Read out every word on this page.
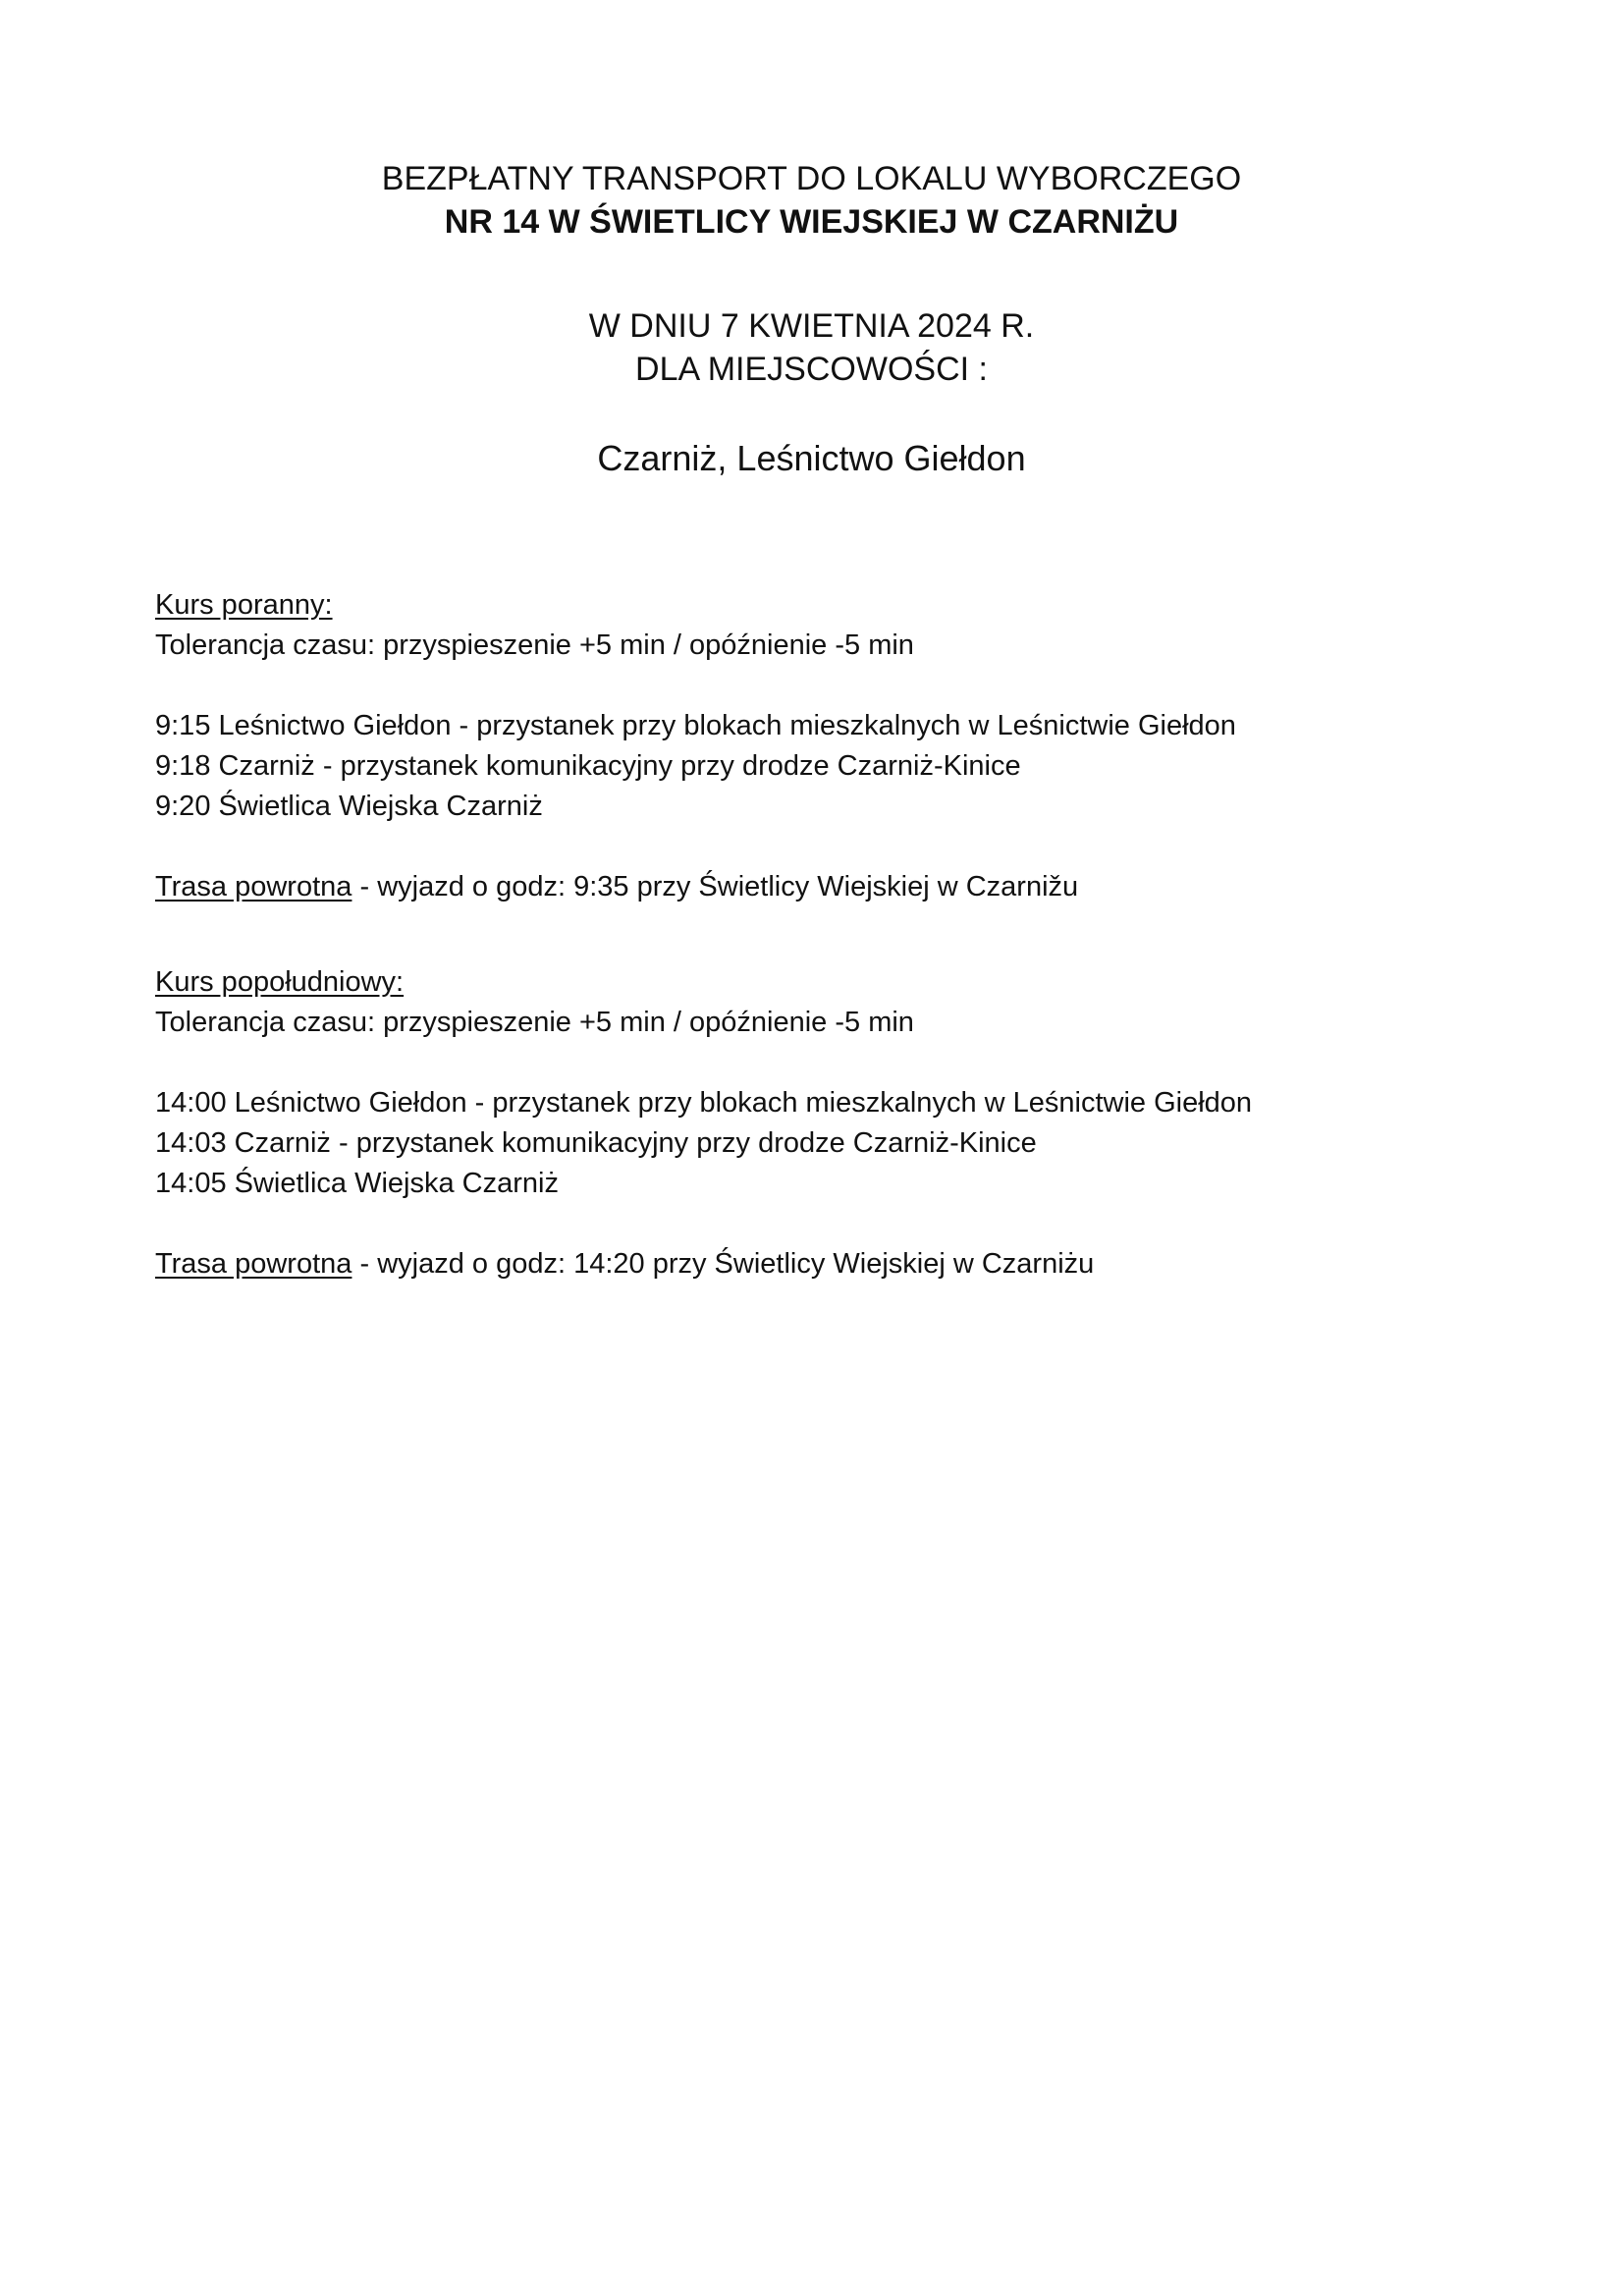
BEZPŁATNY TRANSPORT DO LOKALU WYBORCZEGO
NR 14 W ŚWIETLICY WIEJSKIEJ W CZARNIŻU
W DNIU 7 KWIETNIA 2024 R.
DLA MIEJSCOWOŚCI :
Czarniż, Leśnictwo Giełdon
Kurs poranny:
Tolerancja czasu: przyspieszenie +5 min / opóźnienie -5 min
9:15 Leśnictwo Giełdon - przystanek przy blokach mieszkalnych w Leśnictwie Giełdon
9:18 Czarniż - przystanek komunikacyjny przy drodze Czarniż-Kinice
9:20 Świetlica Wiejska Czarniż
Trasa powrotna - wyjazd o godz: 9:35 przy Świetlicy Wiejskiej w Czarnižu
Kurs popołudniowy:
Tolerancja czasu: przyspieszenie +5 min / opóźnienie -5 min
14:00 Leśnictwo Giełdon - przystanek przy blokach mieszkalnych w Leśnictwie Giełdon
14:03 Czarniż - przystanek komunikacyjny przy drodze Czarniż-Kinice
14:05 Świetlica Wiejska Czarniż
Trasa powrotna - wyjazd o godz: 14:20 przy Świetlicy Wiejskiej w Czarniżu
